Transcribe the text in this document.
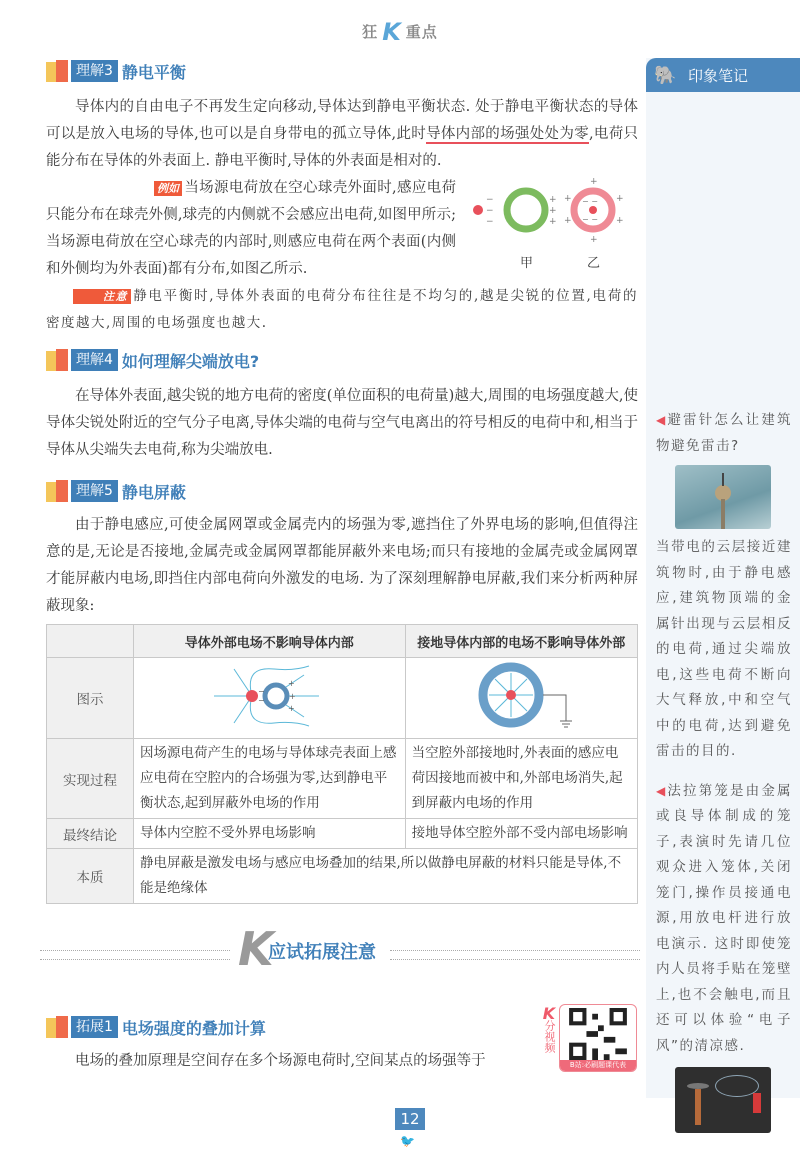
狂 K 重点
理解3 静电平衡

导体内的自由电子不再发生定向移动,导体达到静电平衡状态. 处于静电平衡状态的导体可以是放入电场的导体,也可以是自身带电的孤立导体,此时导体内部的场强处处为零,电荷只能分布在导体的外表面上. 静电平衡时,导体的外表面是相对的.

例如 当场源电荷放在空心球壳外面时,感应电荷只能分布在球壳外侧,球壳的内侧就不会感应出电荷,如图甲所示;当场源电荷放在空心球壳的内部时,则感应电荷在两个表面(内侧和外侧均为外表面)都有分布,如图乙所示.

−
−
−
+
+
+
+
+
+
+
+
+
− −
− −
甲	乙

注意 静电平衡时,导体外表面的电荷分布往往是不均匀的,越是尖锐的位置,电荷的密度越大,周围的电场强度也越大.

理解4 如何理解尖端放电?

在导体外表面,越尖锐的地方电荷的密度(单位面积的电荷量)越大,周围的电场强度越大,使导体尖锐处附近的空气分子电离,导体尖端的电荷与空气电离出的符号相反的电荷中和,相当于导体从尖端失去电荷,称为尖端放电.

理解5 静电屏蔽

由于静电感应,可使金属网罩或金属壳内的场强为零,遮挡住了外界电场的影响,但值得注意的是,无论是否接地,金属壳或金属网罩都能屏蔽外来电场;而只有接地的金属壳或金属网罩才能屏蔽内电场,即挡住内部电荷向外激发的电场. 为了深刻理解静电屏蔽,我们来分析两种屏蔽现象:

	导体外部电场不影响导体内部	接地导体内部的电场不影响导体外部
图示	−
−
+
+
+

实现过程	因场源电荷产生的电场与导体球壳表面上感应电荷在空腔内的合场强为零,达到静电平衡状态,起到屏蔽外电场的作用	当空腔外部接地时,外表面的感应电荷因接地而被中和,外部电场消失,起到屏蔽内电场的作用
最终结论	导体内空腔不受外界电场影响	接地导体空腔外部不受内部电场影响
本质	静电屏蔽是激发电场与感应电场叠加的结果,所以做静电屏蔽的材料只能是导体,不能是绝缘体	
K
应试拓展注意
拓展1 电场强度的叠加计算

电场的叠加原理是空间存在多个场源电荷时,空间某点的场强等于

K
分视频
B站:必刷题课代表
🐘 印象笔记
◀避雷针怎么让建筑物避免雷击?
当带电的云层接近建筑物时,由于静电感应,建筑物顶端的金属针出现与云层相反的电荷,通过尖端放电,这些电荷不断向大气释放,中和空气中的电荷,达到避免雷击的目的.
◀法拉第笼是由金属或良导体制成的笼子,表演时先请几位观众进入笼体,关闭笼门,操作员接通电源,用放电杆进行放电演示. 这时即使笼内人员将手贴在笼壁上,也不会触电,而且还可以体验“电子风”的清凉感.
12
🐦
